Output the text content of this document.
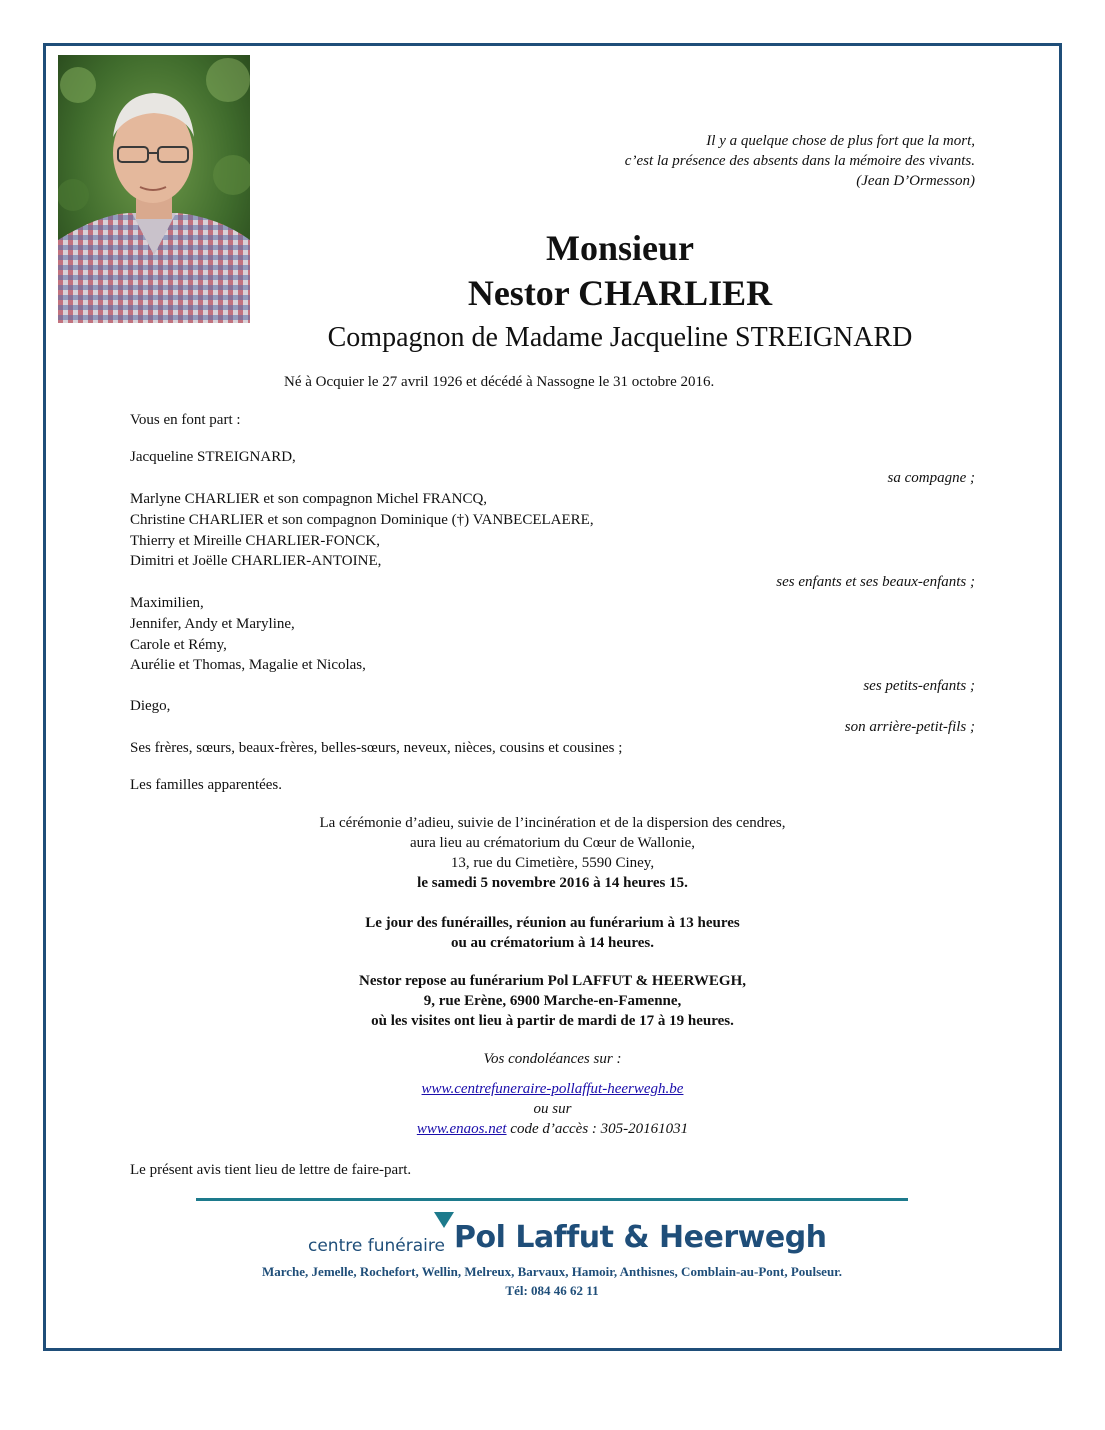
Il y a quelque chose de plus fort que la mort,
c’est la présence des absents dans la mémoire des vivants.
(Jean D’Ormesson)
Monsieur
Nestor CHARLIER
Compagnon de Madame Jacqueline STREIGNARD
Né à Ocquier le 27 avril 1926 et décédé à Nassogne le 31 octobre 2016.
Vous en font part :
Jacqueline STREIGNARD,
sa compagne ;
Marlyne CHARLIER et son compagnon Michel FRANCQ,
Christine CHARLIER et son compagnon Dominique (†) VANBECELAERE,
Thierry et Mireille CHARLIER-FONCK,
Dimitri et Joëlle CHARLIER-ANTOINE,
ses enfants et ses beaux-enfants ;
Maximilien,
Jennifer, Andy et Maryline,
Carole et Rémy,
Aurélie et Thomas, Magalie et Nicolas,
ses petits-enfants ;
Diego,
son arrière-petit-fils ;
Ses frères, sœurs, beaux-frères, belles-sœurs, neveux, nièces, cousins et cousines ;
Les familles apparentées.
La cérémonie d’adieu, suivie de l’incinération et de la dispersion des cendres,
aura lieu au crématorium du Cœur de Wallonie,
13, rue du Cimetière, 5590 Ciney,
le samedi 5 novembre 2016 à 14 heures 15.
Le jour des funérailles, réunion au funérarium à 13 heures
ou au crématorium à 14 heures.
Nestor repose au funérarium Pol LAFFUT & HEERWEGH,
9, rue Erène, 6900 Marche-en-Famenne,
où les visites ont lieu à partir de mardi de 17 à 19 heures.
Vos condoléances sur :
www.centrefuneraire-pollaffut-heerwegh.be
ou sur
www.enaos.net code d’accès : 305-20161031
Le présent avis tient lieu de lettre de faire-part.
centre funéraire Pol Laffut & Heerwegh
Marche, Jemelle, Rochefort, Wellin, Melreux, Barvaux, Hamoir, Anthisnes, Comblain-au-Pont, Poulseur.
Tél: 084 46 62 11
